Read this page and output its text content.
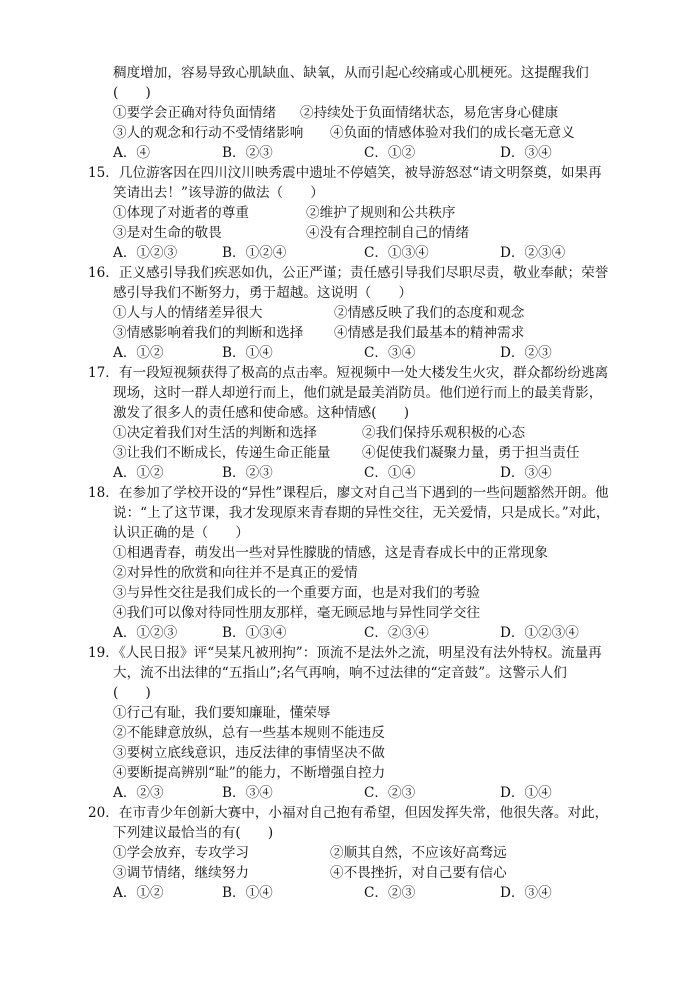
稠度增加，容易导致心肌缺血、缺氧，从而引起心绞痛或心肌梗死。这提醒我们
(　　)
①要学会正确对待负面情绪 ②持续处于负面情绪状态，易危害身心健康
③人的观念和行动不受情绪影响 ④负面的情感体验对我们的成长毫无意义
A．④	B．②③	C．①②	D．③④
15．几位游客因在四川汶川映秀震中遗址不停嬉笑，被导游怒怼“请文明祭奠，如果再
笑请出去！”该导游的做法（　　）
①体现了对逝者的尊重	②维护了规则和公共秩序
③是对生命的敬畏	④没有合理控制自己的情绪
A．①②③	B．①②④	C．①③④	D．②③④
16．正义感引导我们疾恶如仇，公正严谨；责任感引导我们尽职尽责，敬业奉献；荣誉
感引导我们不断努力，勇于超越。这说明（　　）
①人与人的情绪差异很大	②情感反映了我们的态度和观念
③情感影响着我们的判断和选择 ④情感是我们最基本的精神需求
A．①②	B．①④	C．③④	D．②③
17．有一段短视频获得了极高的点击率。短视频中一处大楼发生火灾，群众都纷纷逃离
现场，这时一群人却逆行而上，他们就是最美消防员。他们逆行而上的最美背影，
激发了很多人的责任感和使命感。这种情感(　　)
①决定着我们对生活的判断和选择	②我们保持乐观积极的心态
③让我们不断成长，传递生命正能量 ④促使我们凝聚力量，勇于担当责任
A．①②	B．②③	C．①④	D．③④
18．在参加了学校开设的“异性”课程后，廖文对自己当下遇到的一些问题豁然开朗。他
说：“上了这节课，我才发现原来青春期的异性交往，无关爱情，只是成长。”对此，
认识正确的是（　　）
①相遇青春，萌发出一些对异性朦胧的情感，这是青春成长中的正常现象
②对异性的欣赏和向往并不是真正的爱情
③与异性交往是我们成长的一个重要方面，也是对我们的考验
④我们可以像对待同性朋友那样，毫无顾忌地与异性同学交往
A．①②③	B．①③④	C．②③④	D．①②③④
19．《人民日报》评“吴某凡被刑拘”：顶流不是法外之流，明星没有法外特权。流量再
大，流不出法律的“五指山”;名气再响，响不过法律的“定音鼓”。这警示人们
(　　)
①行己有耻，我们要知廉耻，懂荣辱
②不能肆意放纵，总有一些基本规则不能违反
③要树立底线意识，违反法律的事情坚决不做
④要断提高辨别“耻”的能力，不断增强自控力
A．②③	B．③④	C．②③	D．①④
20．在市青少年创新大赛中，小福对自己抱有希望，但因发挥失常，他很失落。对此，
下列建议最恰当的有(　　)
①学会放弃，专攻学习	②顺其自然，不应该好高骛远
③调节情绪，继续努力	④不畏挫折，对自己要有信心
A．①②	B．①④	C．②③	D．③④
